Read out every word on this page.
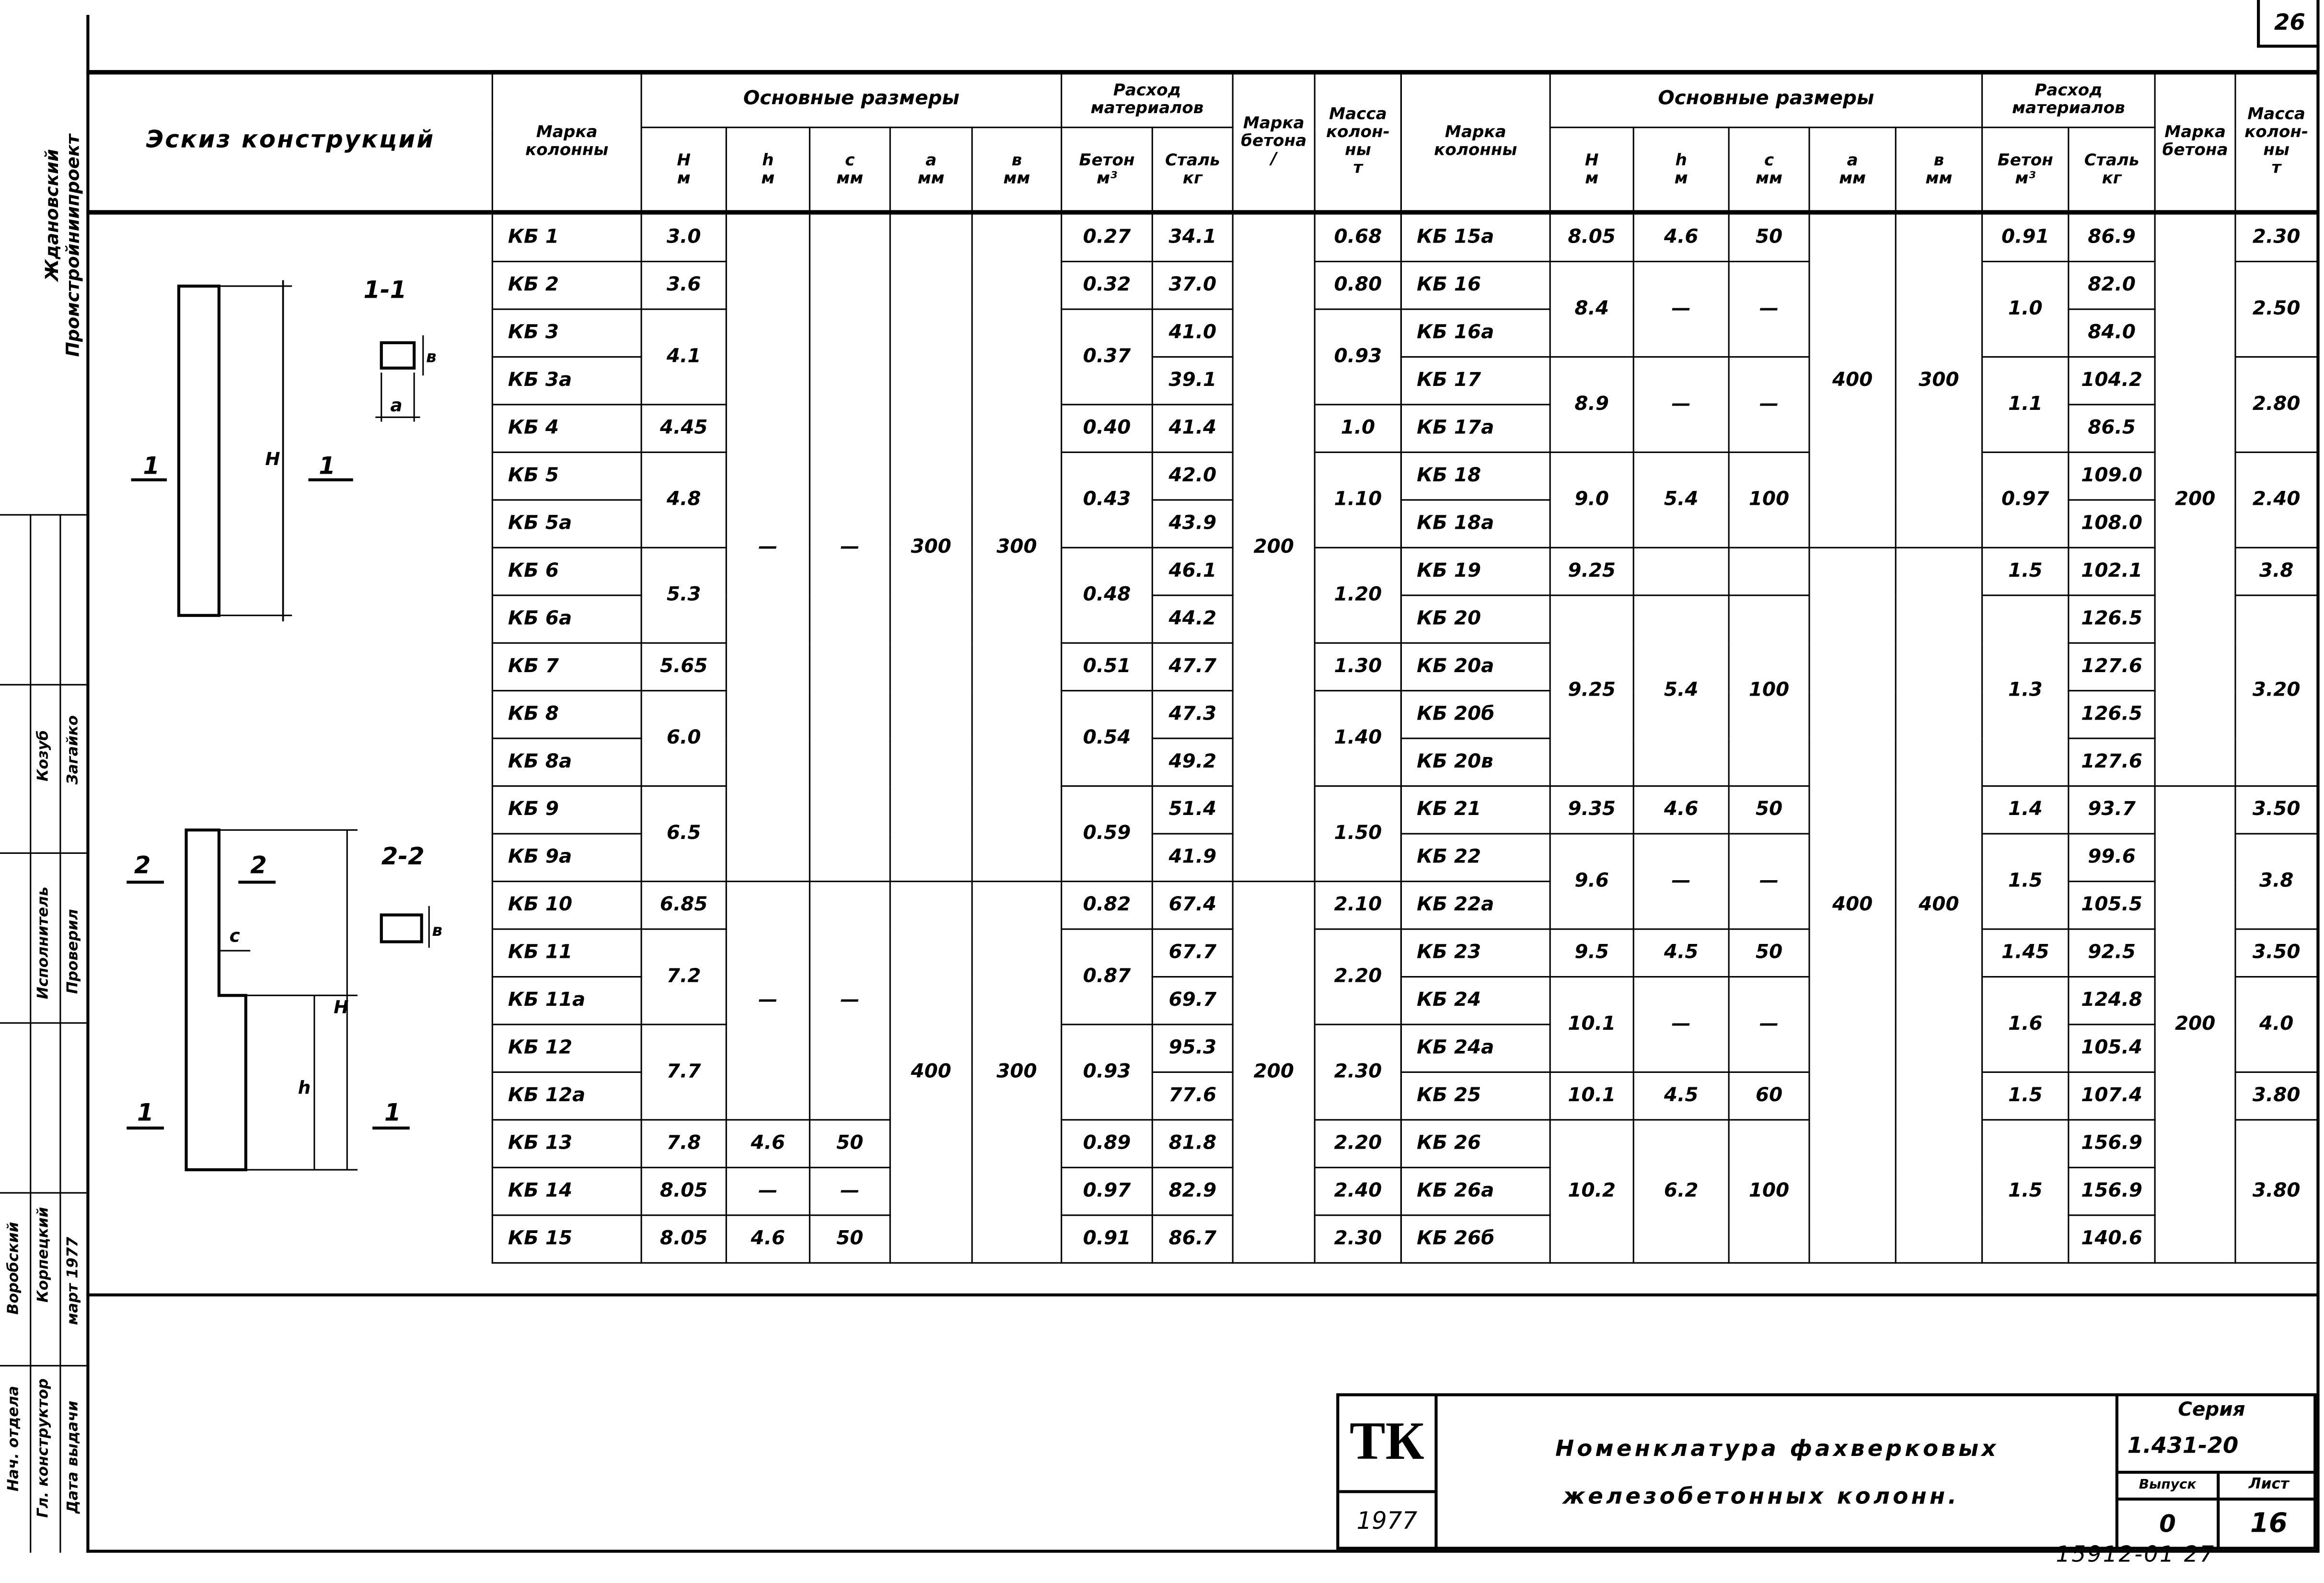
26
Эскиз конструкций
1	1
1-1
H
в
a
2	2	2-2
в
c
h
H
1	1
Марка колонны	Основные размеры					Расход материалов		Марка
бетона
/	Масса
колон-
ны
т
	H
м	h
м	c
мм	a
мм	в
мм	Бетон
м³	Сталь
кг		
КБ 1	3.0	—	—	300	300	0.27	34.1	200	0.68
КБ 2	3.6					0.32	37.0		0.80
КБ 3	4.1					0.37	41.0		0.93
КБ 3а							39.1		
КБ 4	4.45					0.40	41.4		1.0
КБ 5	4.8					0.43	42.0		1.10
КБ 5а							43.9		
КБ 6	5.3					0.48	46.1		1.20
КБ 6а							44.2		
КБ 7	5.65					0.51	47.7		1.30
КБ 8	6.0					0.54	47.3		1.40
КБ 8а							49.2		
КБ 9	6.5					0.59	51.4		1.50
КБ 9а							41.9		
КБ 10	6.85	—	—	400	300	0.82	67.4	200	2.10
КБ 11	7.2					0.87	67.7		2.20
КБ 11а							69.7		
КБ 12	7.7					0.93	95.3		2.30
КБ 12а							77.6		
КБ 13	7.8	4.6	50			0.89	81.8		2.20
КБ 14	8.05	—	—			0.97	82.9		2.40
КБ 15	8.05	4.6	50			0.91	86.7		2.30
Марка колонны	Основные размеры					Расход материалов		Марка
бетона	Масса
колон-
ны
т
	H
м	h
м	c
мм	a
мм	в
мм	Бетон
м³	Сталь
кг		
КБ 15а	8.05	4.6	50	400	300	0.91	86.9	200	2.30
КБ 16	8.4	—	—			1.0	82.0		2.50
КБ 16а							84.0		
КБ 17	8.9	—	—			1.1	104.2		2.80
КБ 17а							86.5		
КБ 18	9.0	5.4	100			0.97	109.0		2.40
КБ 18а							108.0		
КБ 19	9.25			400	400	1.5	102.1		3.8
КБ 20	9.25	5.4	100			1.3	126.5		3.20
КБ 20а							127.6		
КБ 20б							126.5		
КБ 20в							127.6		
КБ 21	9.35	4.6	50			1.4	93.7	200	3.50
КБ 22	9.6	—	—			1.5	99.6		3.8
КБ 22а							105.5		
КБ 23	9.5	4.5	50			1.45	92.5		3.50
КБ 24	10.1	—	—			1.6	124.8		4.0
КБ 24а							105.4		
КБ 25	10.1	4.5	60			1.5	107.4		3.80
КБ 26	10.2	6.2	100			1.5	156.9		3.80
КБ 26а							156.9		
КБ 26б							140.6		
Ждановский Промстройниипроект
Нач. отдела
Воробский
Гл. конструктор
Корпецкий
Исполнитель
Козуб
Проверил
Загайко
Дата выдачи
март 1977
ТК
1977
Номенклатура фахверковых
железобетонных колонн.
Серия
1.431-20
Выпуск	Лист
0	16
15912-01 27
